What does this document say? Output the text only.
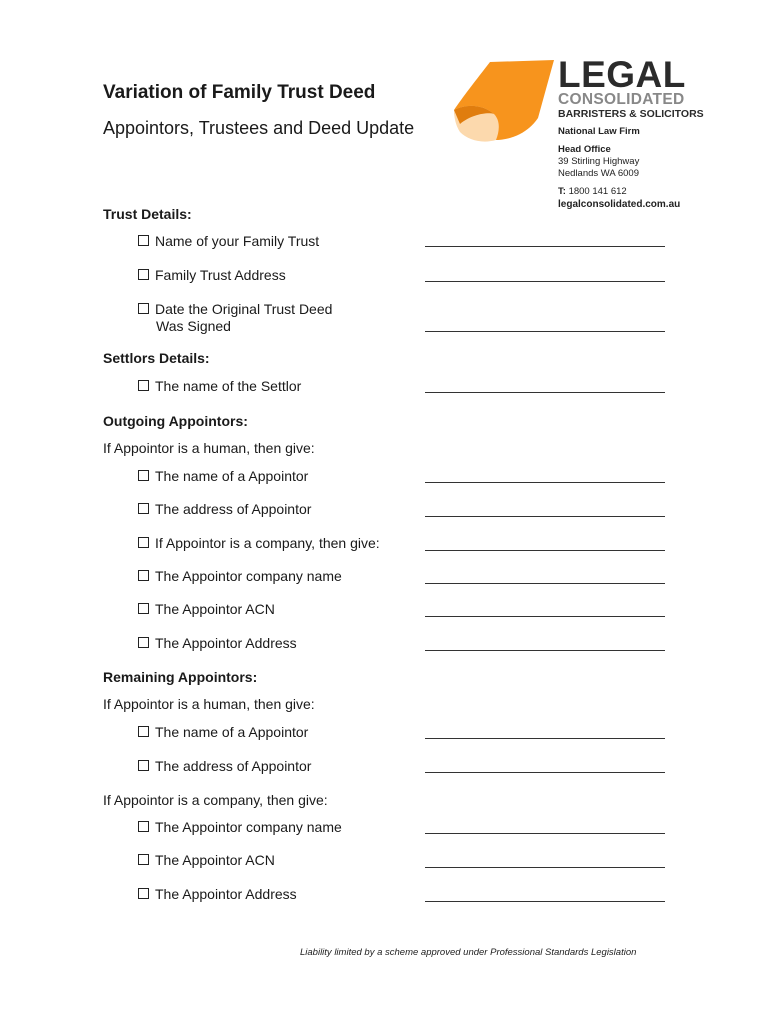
Variation of Family Trust Deed
Appointors, Trustees and Deed Update
LEGAL
CONSOLIDATED
BARRISTERS & SOLICITORS
National Law Firm
Head Office
39 Stirling Highway
Nedlands WA 6009
T: 1800 141 612
legalconsolidated.com.au
Trust Details:
Name of your Family Trust
Family Trust Address
Date the Original Trust Deed
Was Signed
Settlors Details:
The name of the Settlor
Outgoing Appointors:
If Appointor is a human, then give:
The name of a Appointor
The address of Appointor
If Appointor is a company, then give:
The Appointor company name
The Appointor ACN
The Appointor Address
Remaining Appointors:
If Appointor is a human, then give:
The name of a Appointor
The address of Appointor
If Appointor is a company, then give:
The Appointor company name
The Appointor ACN
The Appointor Address
Liability limited by a scheme approved under Professional Standards Legislation
